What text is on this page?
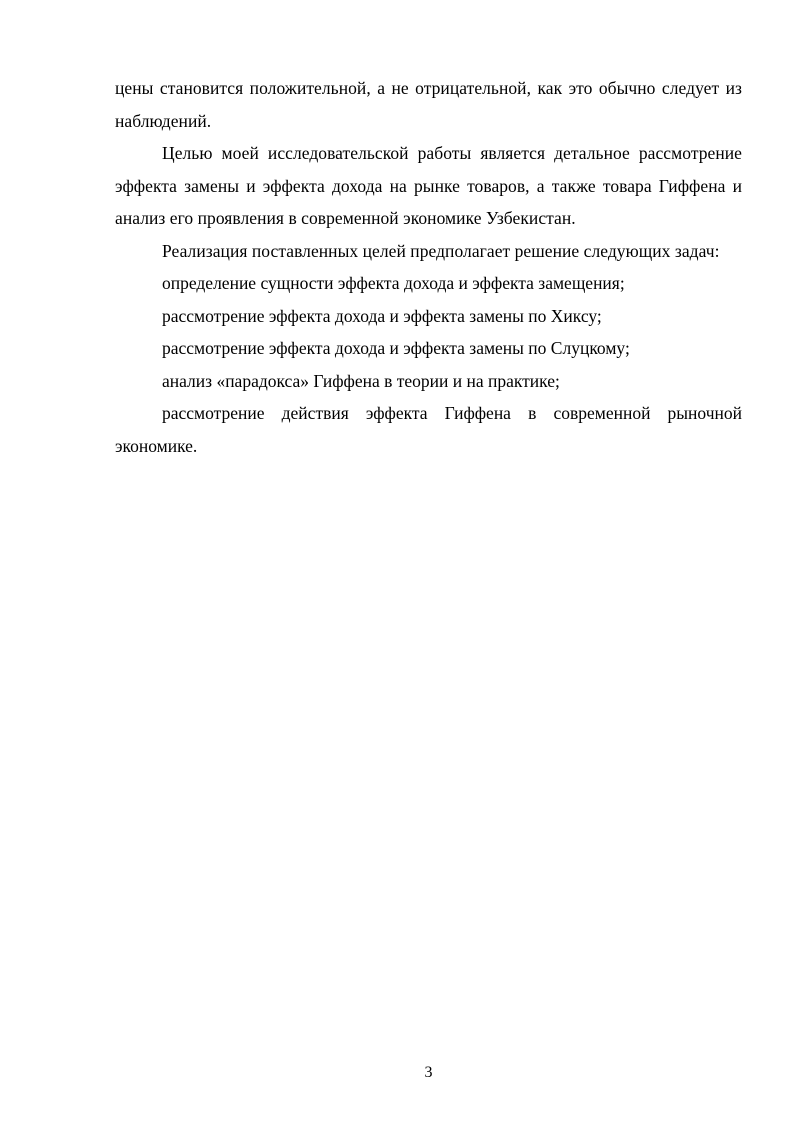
цены становится положительной, а не отрицательной, как это обычно следует из наблюдений.

Целью моей исследовательской работы является детальное рассмотрение эффекта замены и эффекта дохода на рынке товаров, а также товара Гиффена и анализ его проявления в современной экономике Узбекистан.

Реализация поставленных целей предполагает решение следующих задач:

определение сущности эффекта дохода и эффекта замещения;

рассмотрение эффекта дохода и эффекта замены по Хиксу;

рассмотрение эффекта дохода и эффекта замены по Слуцкому;

анализ «парадокса» Гиффена в теории и на практике;

рассмотрение действия эффекта Гиффена в современной рыночной экономике.

3
